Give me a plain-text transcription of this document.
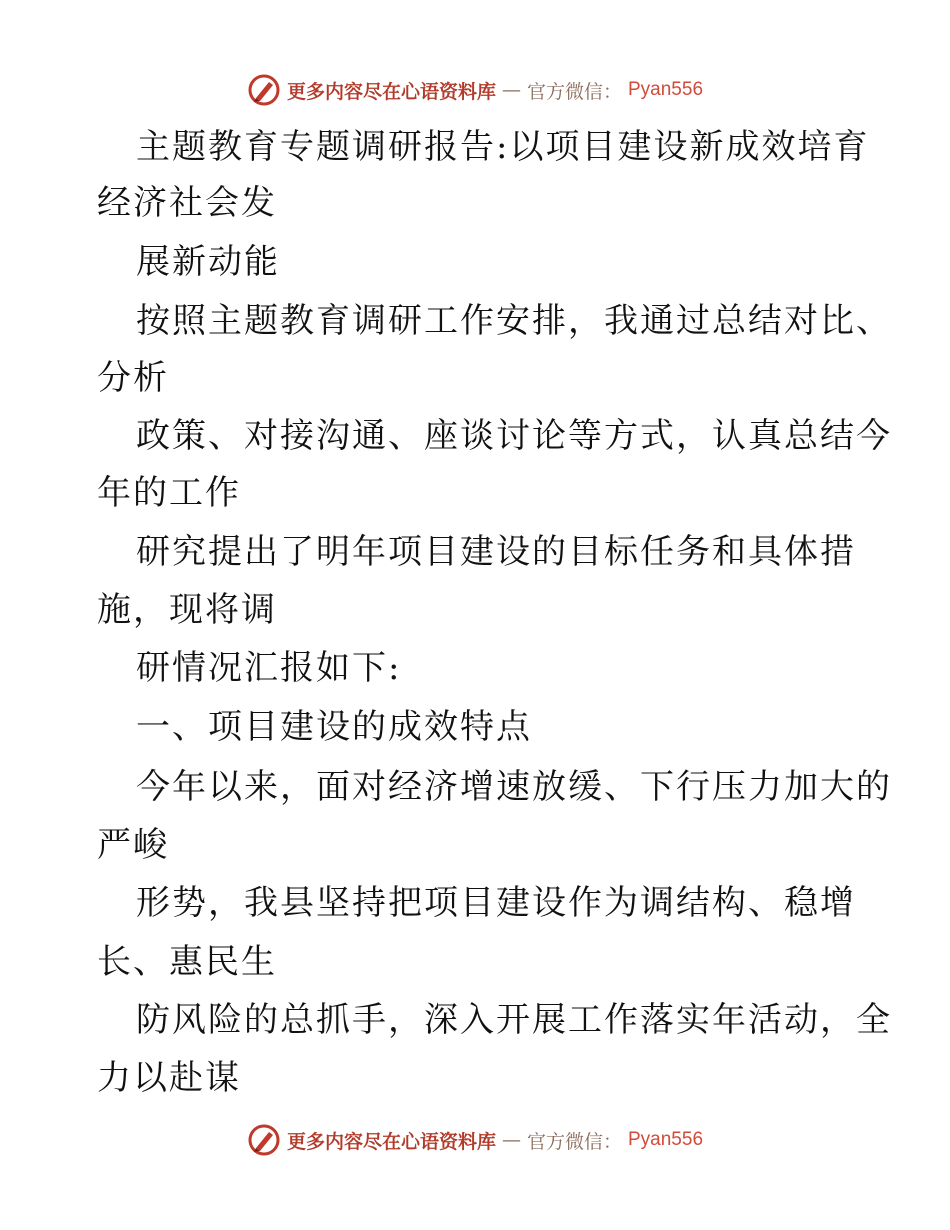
更多内容尽在心语资料库 — 官方微信： Pyan556
主题教育专题调研报告:以项目建设新成效培育
经济社会发
展新动能
按照主题教育调研工作安排，我通过总结对比、
分析
政策、对接沟通、座谈讨论等方式，认真总结今
年的工作
研究提出了明年项目建设的目标任务和具体措
施，现将调
研情况汇报如下:
一、项目建设的成效特点
今年以来，面对经济增速放缓、下行压力加大的
严峻
形势，我县坚持把项目建设作为调结构、稳增
长、惠民生
防风险的总抓手，深入开展工作落实年活动，全
力以赴谋
更多内容尽在心语资料库 — 官方微信： Pyan556
